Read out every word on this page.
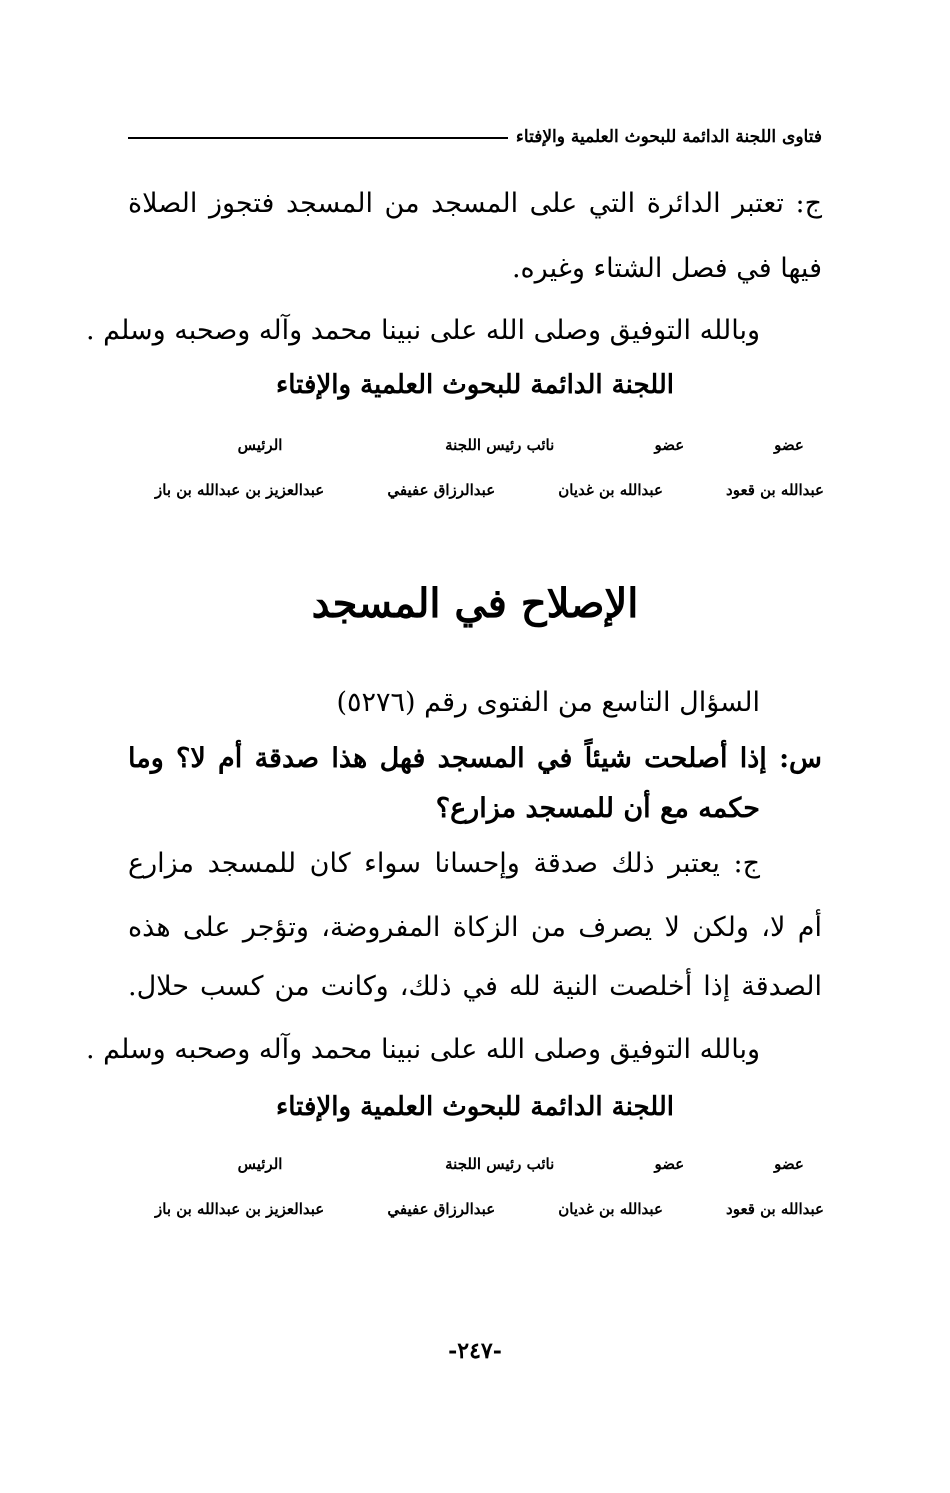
فتاوى اللجنة الدائمة للبحوث العلمية والإفتاء
ج: تعتبر الدائرة التي على المسجد من المسجد فتجوز الصلاة
فيها في فصل الشتاء وغيره.
وبالله التوفيق وصلى الله على نبينا محمد وآله وصحبه وسلم .
اللجنة الدائمة للبحوث العلمية والإفتاء
عضو
عضو
نائب رئيس اللجنة
الرئيس
عبدالله بن قعود
عبدالله بن غديان
عبدالرزاق عفيفي
عبدالعزيز بن عبدالله بن باز
الإصلاح في المسجد
السؤال التاسع من الفتوى رقم (٥٢٧٦)
س: إذا أصلحت شيئاً في المسجد فهل هذا صدقة أم لا؟ وما
حكمه مع أن للمسجد مزارع؟
ج: يعتبر ذلك صدقة وإحسانا سواء كان للمسجد مزارع
أم لا، ولكن لا يصرف من الزكاة المفروضة، وتؤجر على هذه
الصدقة إذا أخلصت النية لله في ذلك، وكانت من كسب حلال.
وبالله التوفيق وصلى الله على نبينا محمد وآله وصحبه وسلم .
اللجنة الدائمة للبحوث العلمية والإفتاء
عضو
عضو
نائب رئيس اللجنة
الرئيس
عبدالله بن قعود
عبدالله بن غديان
عبدالرزاق عفيفي
عبدالعزيز بن عبدالله بن باز
-٢٤٧-
